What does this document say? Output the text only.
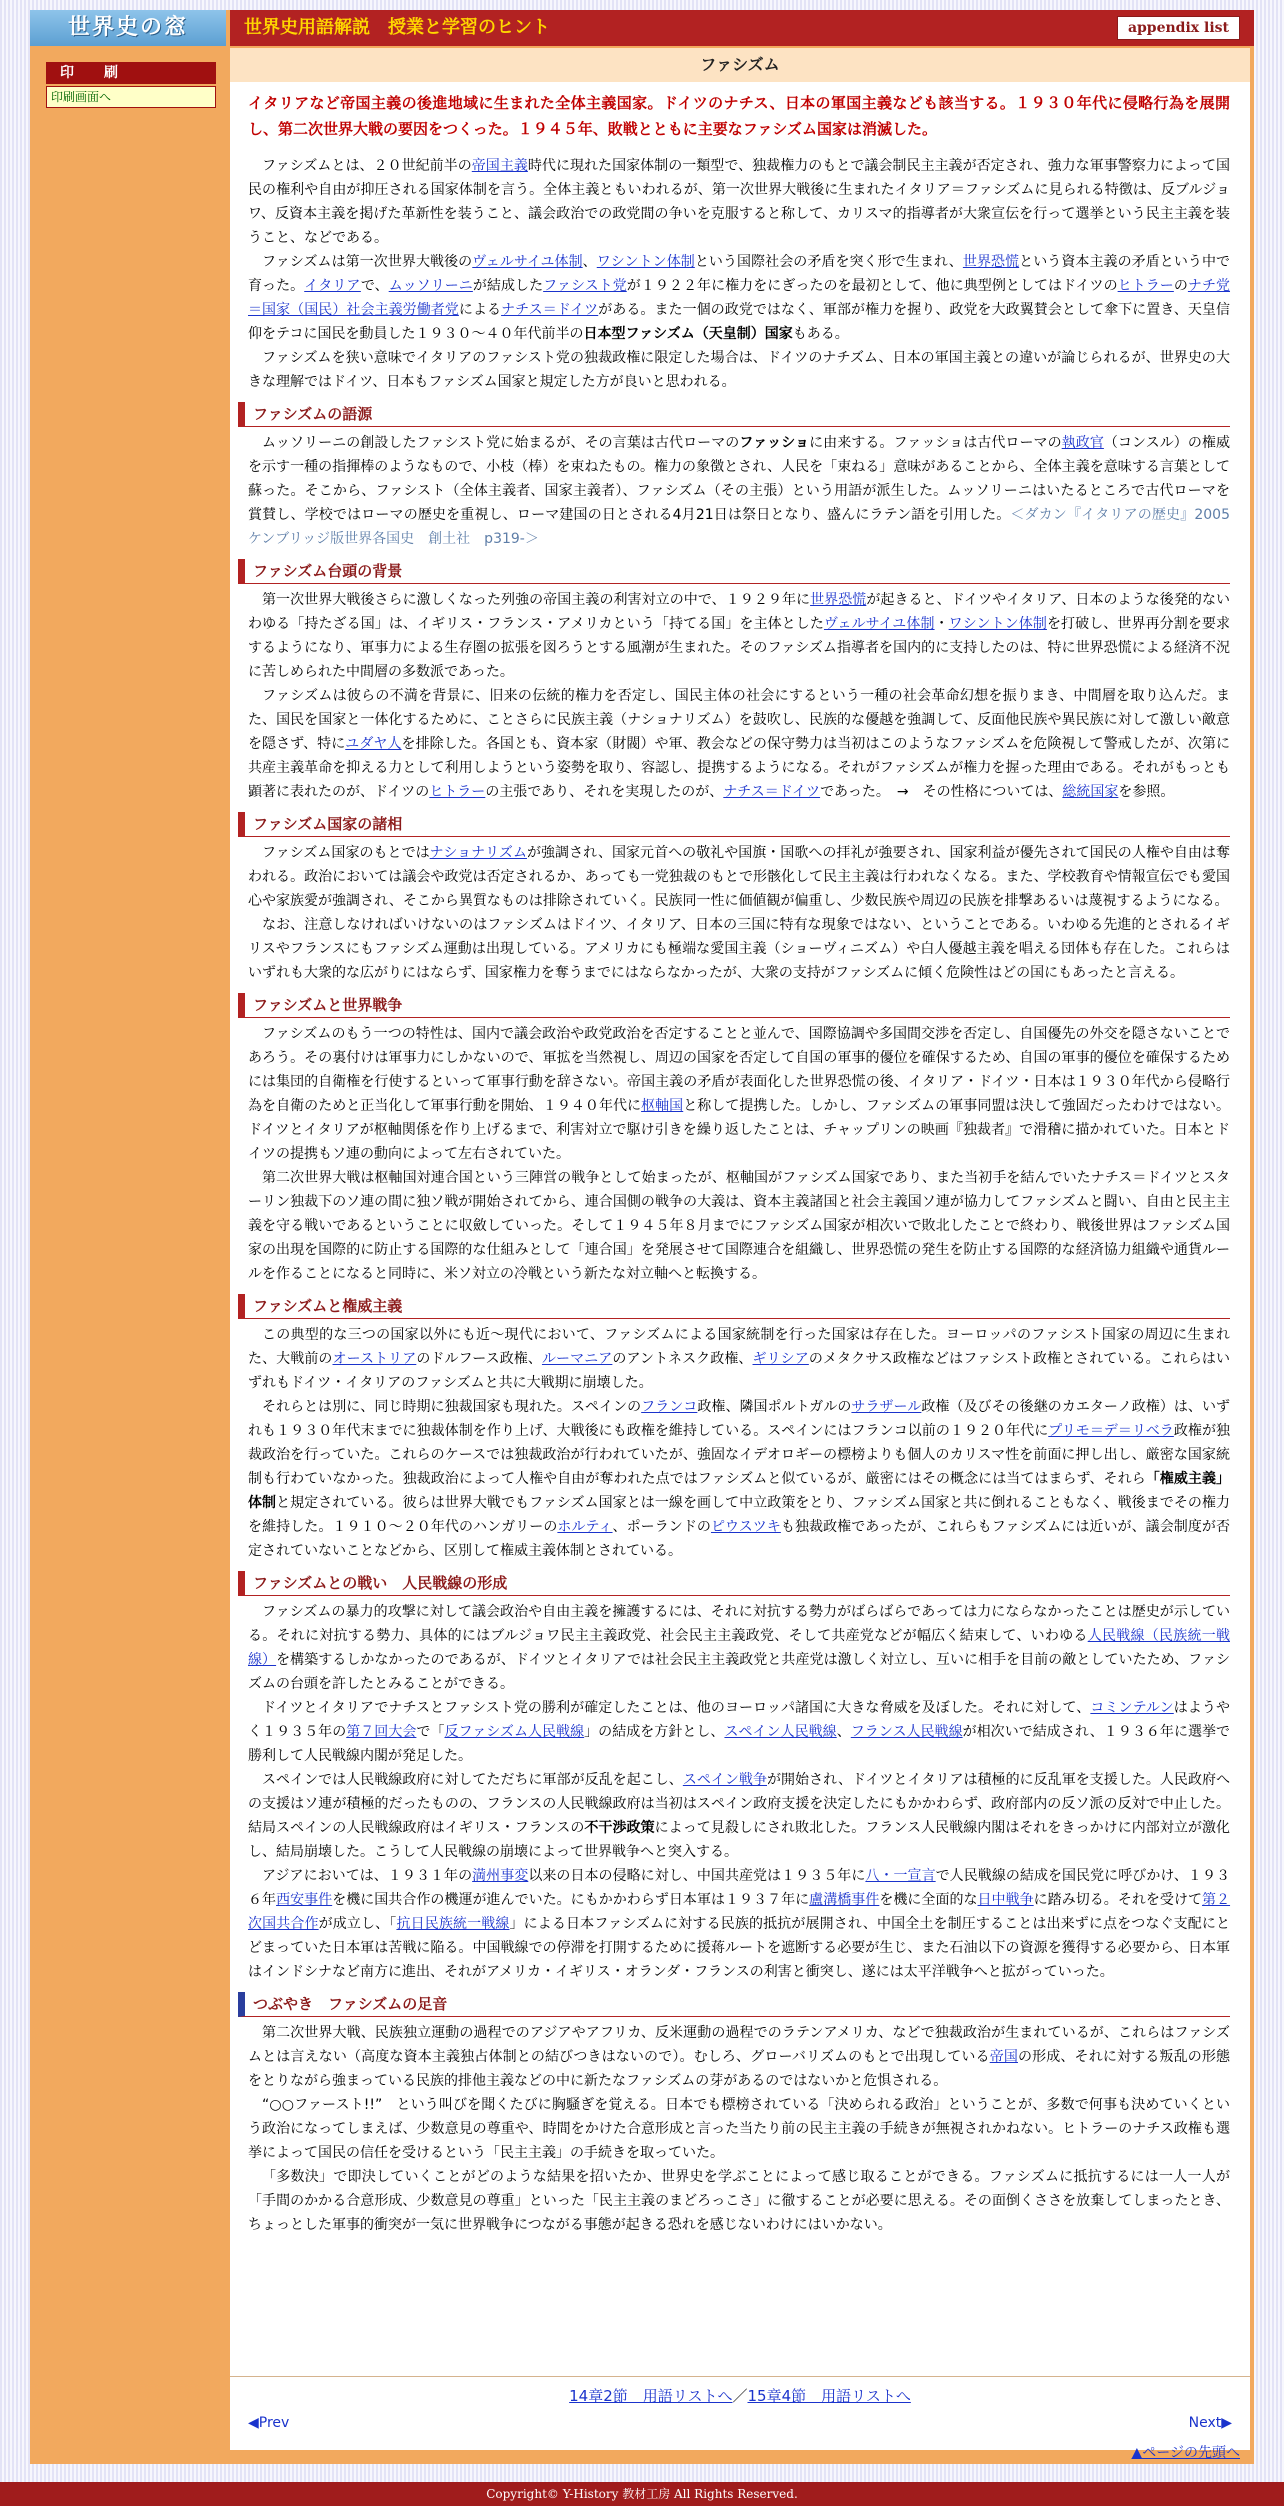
世界史の窓	世界史用語解説　授業と学習のヒント	appendix list
印　刷
印刷画面へ
ファシズム

イタリアなど帝国主義の後進地域に生まれた全体主義国家。ドイツのナチス、日本の軍国主義なども該当する。１９３０年代に侵略行為を展開し、第二次世界大戦の要因をつくった。１９４５年、敗戦とともに主要なファシズム国家は消滅した。

ファシズムとは、２０世紀前半の帝国主義時代に現れた国家体制の一類型で、独裁権力のもとで議会制民主主義が否定され、強力な軍事警察力によって国民の権利や自由が抑圧される国家体制を言う。全体主義ともいわれるが、第一次世界大戦後に生まれたイタリア＝ファシズムに見られる特徴は、反ブルジョワ、反資本主義を掲げた革新性を装うこと、議会政治での政党間の争いを克服すると称して、カリスマ的指導者が大衆宣伝を行って選挙という民主主義を装うこと、などである。

ファシズムは第一次世界大戦後のヴェルサイユ体制、ワシントン体制という国際社会の矛盾を突く形で生まれ、世界恐慌という資本主義の矛盾という中で育った。イタリアで、ムッソリーニが結成したファシスト党が１９２２年に権力をにぎったのを最初として、他に典型例としてはドイツのヒトラーのナチ党＝国家（国民）社会主義労働者党によるナチス＝ドイツがある。また一個の政党ではなく、軍部が権力を握り、政党を大政翼賛会として傘下に置き、天皇信仰をテコに国民を動員した１９３０～４０年代前半の日本型ファシズム（天皇制）国家もある。

ファシズムを狭い意味でイタリアのファシスト党の独裁政権に限定した場合は、ドイツのナチズム、日本の軍国主義との違いが論じられるが、世界史の大きな理解ではドイツ、日本もファシズム国家と規定した方が良いと思われる。

ファシズムの語源

ムッソリーニの創設したファシスト党に始まるが、その言葉は古代ローマのファッショに由来する。ファッショは古代ローマの執政官（コンスル）の権威を示す一種の指揮棒のようなもので、小枝（棒）を束ねたもの。権力の象徴とされ、人民を「束ねる」意味があることから、全体主義を意味する言葉として蘇った。そこから、ファシスト（全体主義者、国家主義者）、ファシズム（その主張）という用語が派生した。ムッソリーニはいたるところで古代ローマを賞賛し、学校ではローマの歴史を重視し、ローマ建国の日とされる4月21日は祭日となり、盛んにラテン語を引用した。＜ダカン『イタリアの歴史』2005　ケンブリッジ版世界各国史　創土社　p319-＞

ファシズム台頭の背景

第一次世界大戦後さらに激しくなった列強の帝国主義の利害対立の中で、１９２９年に世界恐慌が起きると、ドイツやイタリア、日本のような後発的ないわゆる「持たざる国」は、イギリス・フランス・アメリカという「持てる国」を主体としたヴェルサイユ体制・ワシントン体制を打破し、世界再分割を要求するようになり、軍事力による生存圏の拡張を図ろうとする風潮が生まれた。そのファシズム指導者を国内的に支持したのは、特に世界恐慌による経済不況に苦しめられた中間層の多数派であった。

ファシズムは彼らの不満を背景に、旧来の伝統的権力を否定し、国民主体の社会にするという一種の社会革命幻想を振りまき、中間層を取り込んだ。また、国民を国家と一体化するために、ことさらに民族主義（ナショナリズム）を鼓吹し、民族的な優越を強調して、反面他民族や異民族に対して激しい敵意を隠さず、特にユダヤ人を排除した。各国とも、資本家（財閥）や軍、教会などの保守勢力は当初はこのようなファシズムを危険視して警戒したが、次第に共産主義革命を抑える力として利用しようという姿勢を取り、容認し、提携するようになる。それがファシズムが権力を握った理由である。それがもっとも顕著に表れたのが、ドイツのヒトラーの主張であり、それを実現したのが、ナチス＝ドイツであった。　→　その性格については、総統国家を参照。

ファシズム国家の諸相

ファシズム国家のもとではナショナリズムが強調され、国家元首への敬礼や国旗・国歌への拝礼が強要され、国家利益が優先されて国民の人権や自由は奪われる。政治においては議会や政党は否定されるか、あっても一党独裁のもとで形骸化して民主主義は行われなくなる。また、学校教育や情報宣伝でも愛国心や家族愛が強調され、そこから異質なものは排除されていく。民族同一性に価値観が偏重し、少数民族や周辺の民族を排撃あるいは蔑視するようになる。

なお、注意しなければいけないのはファシズムはドイツ、イタリア、日本の三国に特有な現象ではない、ということである。いわゆる先進的とされるイギリスやフランスにもファシズム運動は出現している。アメリカにも極端な愛国主義（ショーヴィニズム）や白人優越主義を唱える団体も存在した。これらはいずれも大衆的な広がりにはならず、国家権力を奪うまでにはならなかったが、大衆の支持がファシズムに傾く危険性はどの国にもあったと言える。

ファシズムと世界戦争

ファシズムのもう一つの特性は、国内で議会政治や政党政治を否定することと並んで、国際協調や多国間交渉を否定し、自国優先の外交を隠さないことであろう。その裏付けは軍事力にしかないので、軍拡を当然視し、周辺の国家を否定して自国の軍事的優位を確保するため、自国の軍事的優位を確保するためには集団的自衛権を行使するといって軍事行動を辞さない。帝国主義の矛盾が表面化した世界恐慌の後、イタリア・ドイツ・日本は１９３０年代から侵略行為を自衛のためと正当化して軍事行動を開始、１９４０年代に枢軸国と称して提携した。しかし、ファシズムの軍事同盟は決して強固だったわけではない。ドイツとイタリアが枢軸関係を作り上げるまで、利害対立で駆け引きを繰り返したことは、チャップリンの映画『独裁者』で滑稽に描かれていた。日本とドイツの提携もソ連の動向によって左右されていた。

第二次世界大戦は枢軸国対連合国という三陣営の戦争として始まったが、枢軸国がファシズム国家であり、また当初手を結んでいたナチス＝ドイツとスターリン独裁下のソ連の間に独ソ戦が開始されてから、連合国側の戦争の大義は、資本主義諸国と社会主義国ソ連が協力してファシズムと闘い、自由と民主主義を守る戦いであるということに収斂していった。そして１９４５年８月までにファシズム国家が相次いで敗北したことで終わり、戦後世界はファシズム国家の出現を国際的に防止する国際的な仕組みとして「連合国」を発展させて国際連合を組織し、世界恐慌の発生を防止する国際的な経済協力組織や通貨ルールを作ることになると同時に、米ソ対立の冷戦という新たな対立軸へと転換する。

ファシズムと権威主義

この典型的な三つの国家以外にも近～現代において、ファシズムによる国家統制を行った国家は存在した。ヨーロッパのファシスト国家の周辺に生まれた、大戦前のオーストリアのドルフース政権、ルーマニアのアントネスク政権、ギリシアのメタクサス政権などはファシスト政権とされている。これらはいずれもドイツ・イタリアのファシズムと共に大戦期に崩壊した。

それらとは別に、同じ時期に独裁国家も現れた。スペインのフランコ政権、隣国ポルトガルのサラザール政権（及びその後継のカエターノ政権）は、いずれも１９３０年代末までに独裁体制を作り上げ、大戦後にも政権を維持している。スペインにはフランコ以前の１９２０年代にプリモ＝デ＝リベラ政権が独裁政治を行っていた。これらのケースでは独裁政治が行われていたが、強固なイデオロギーの標榜よりも個人のカリスマ性を前面に押し出し、厳密な国家統制も行わていなかった。独裁政治によって人権や自由が奪われた点ではファシズムと似ているが、厳密にはその概念には当てはまらず、それら「権威主義」体制と規定されている。彼らは世界大戦でもファシズム国家とは一線を画して中立政策をとり、ファシズム国家と共に倒れることもなく、戦後までその権力を維持した。１９１０～２０年代のハンガリーのホルティ、ポーランドのピウスツキも独裁政権であったが、これらもファシズムには近いが、議会制度が否定されていないことなどから、区別して権威主義体制とされている。

ファシズムとの戦い　人民戦線の形成

ファシズムの暴力的攻撃に対して議会政治や自由主義を擁護するには、それに対抗する勢力がばらばらであっては力にならなかったことは歴史が示している。それに対抗する勢力、具体的にはブルジョワ民主主義政党、社会民主主義政党、そして共産党などが幅広く結束して、いわゆる人民戦線（民族統一戦線）を構築するしかなかったのであるが、ドイツとイタリアでは社会民主主義政党と共産党は激しく対立し、互いに相手を目前の敵としていたため、ファシズムの台頭を許したとみることができる。

ドイツとイタリアでナチスとファシスト党の勝利が確定したことは、他のヨーロッパ諸国に大きな脅威を及ぼした。それに対して、コミンテルンはようやく１９３５年の第７回大会で「反ファシズム人民戦線」の結成を方針とし、スペイン人民戦線、フランス人民戦線が相次いで結成され、１９３６年に選挙で勝利して人民戦線内閣が発足した。

スペインでは人民戦線政府に対してただちに軍部が反乱を起こし、スペイン戦争が開始され、ドイツとイタリアは積極的に反乱軍を支援した。人民政府への支援はソ連が積極的だったものの、フランスの人民戦線政府は当初はスペイン政府支援を決定したにもかかわらず、政府部内の反ソ派の反対で中止した。結局スペインの人民戦線政府はイギリス・フランスの不干渉政策によって見殺しにされ敗北した。フランス人民戦線内閣はそれをきっかけに内部対立が激化し、結局崩壊した。こうして人民戦線の崩壊によって世界戦争へと突入する。

アジアにおいては、１９３１年の満州事変以来の日本の侵略に対し、中国共産党は１９３５年に八・一宣言で人民戦線の結成を国民党に呼びかけ、１９３６年西安事件を機に国共合作の機運が進んでいた。にもかかわらず日本軍は１９３７年に盧溝橋事件を機に全面的な日中戦争に踏み切る。それを受けて第２次国共合作が成立し、「抗日民族統一戦線」による日本ファシズムに対する民族的抵抗が展開され、中国全土を制圧することは出来ずに点をつなぐ支配にとどまっていた日本軍は苦戦に陥る。中国戦線での停滞を打開するために援蒋ルートを遮断する必要が生じ、また石油以下の資源を獲得する必要から、日本軍はインドシナなど南方に進出、それがアメリカ・イギリス・オランダ・フランスの利害と衝突し、遂には太平洋戦争へと拡がっていった。

つぶやき　ファシズムの足音

第二次世界大戦、民族独立運動の過程でのアジアやアフリカ、反米運動の過程でのラテンアメリカ、などで独裁政治が生まれているが、これらはファシズムとは言えない（高度な資本主義独占体制との結びつきはないので）。むしろ、グローバリズムのもとで出現している帝国の形成、それに対する叛乱の形態をとりながら強まっている民族的排他主義などの中に新たなファシズムの芽があるのではないかと危惧される。

“○○ファースト!!”　という叫びを聞くたびに胸騒ぎを覚える。日本でも標榜されている「決められる政治」ということが、多数で何事も決めていくという政治になってしまえば、少数意見の尊重や、時間をかけた合意形成と言った当たり前の民主主義の手続きが無視されかねない。ヒトラーのナチス政権も選挙によって国民の信任を受けるという「民主主義」の手続きを取っていた。

「多数決」で即決していくことがどのような結果を招いたか、世界史を学ぶことによって感じ取ることができる。ファシズムに抵抗するには一人一人が「手間のかかる合意形成、少数意見の尊重」といった「民主主義のまどろっこさ」に徹することが必要に思える。その面倒くささを放棄してしまったとき、ちょっとした軍事的衝突が一気に世界戦争につながる事態が起きる恐れを感じないわけにはいかない。

14章2節　用語リストへ／15章4節　用語リストへ
◀Prev	Next▶
▲ページの先頭へ
Copyright© Y-History 教材工房 All Rights Reserved.
